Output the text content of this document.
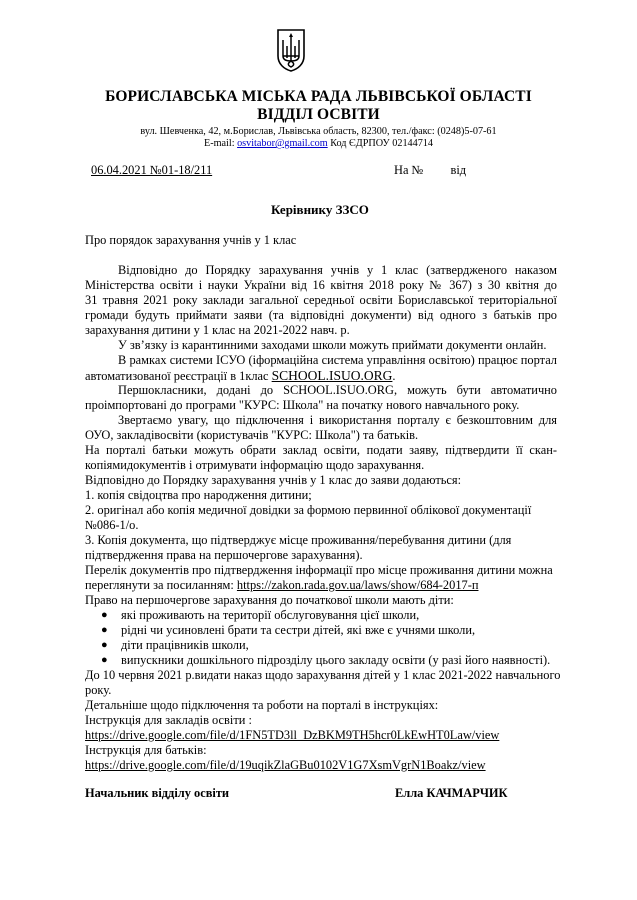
БОРИСЛАВСЬКА МІСЬКА РАДА ЛЬВІВСЬКОЇ ОБЛАСТІ
ВІДДІЛ ОСВІТИ
вул. Шевченка, 42, м.Борислав, Львівська область, 82300, тел./факс: (0248)5-07-61
E-mail: osvitabor@gmail.com Код ЄДРПОУ 02144714
06.04.2021 №01-18/211	На № від
Керівнику ЗЗСО
Про порядок зарахування учнів у 1 клас
Відповідно до Порядку зарахування учнів у 1 клас (затвердженого наказом
Міністерства освіти і науки України від 16 квітня 2018 року № 367) з 30 квітня до
31 травня 2021 року заклади загальної середньої освіти Бориславської територіальної
громади будуть приймати заяви (та відповідні документи) від одного з батьків про
зарахування дитини у 1 клас на 2021-2022 навч. р.
У зв’язку із карантинними заходами школи можуть приймати документи онлайн.
В рамках системи ІСУО (іформаційна система управління освітою) працює портал
автоматизованої реєстрації в 1клас SCHOOL.ISUO.ORG.
Першокласники, додані до SCHOOL.ISUO.ORG, можуть бути автоматично
проімпортовані до програми "КУРС: Школа" на початку нового навчального року.
Звертаємо увагу, що підключення і використання порталу є безкоштовним для
ОУО, закладівосвіти (користувачів "КУРС: Школа") та батьків.
На порталі батьки можуть обрати заклад освіти, подати заяву, підтвердити її скан-
копіямидокументів і отримувати інформацію щодо зарахування.
Відповідно до Порядку зарахування учнів у 1 клас до заяви додаються:
1. копія свідоцтва про народження дитини;
2. оригінал або копія медичної довідки за формою первинної облікової документації
№086-1/о.
3. Копія документа, що підтверджує місце проживання/перебування дитини (для
підтвердження права на першочергове зарахування).
Перелік документів про підтвердження інформації про місце проживання дитини можна
переглянути за посиланням: https://zakon.rada.gov.ua/laws/show/684-2017-п
Право на першочергове зарахування до початкової школи мають діти:
● які проживають на території обслуговування цієї школи,
● рідні чи усиновлені брати та сестри дітей, які вже є учнями школи,
● діти працівників школи,
● випускники дошкільного підрозділу цього закладу освіти (у разі його наявності).
До 10 червня 2021 р.видати наказ щодо зарахування дітей у 1 клас 2021-2022 навчального
року.
Детальніше щодо підключення та роботи на порталі в інструкціях:
Інструкція для закладів освіти :
https://drive.google.com/file/d/1FN5TD3ll_DzBKM9TH5hcr0LkEwHT0Law/view
Інструкція для батьків:
https://drive.google.com/file/d/19uqikZlaGBu0102V1G7XsmVgrN1Boakz/view
Начальник відділу освіти	Елла КАЧМАРЧИК
